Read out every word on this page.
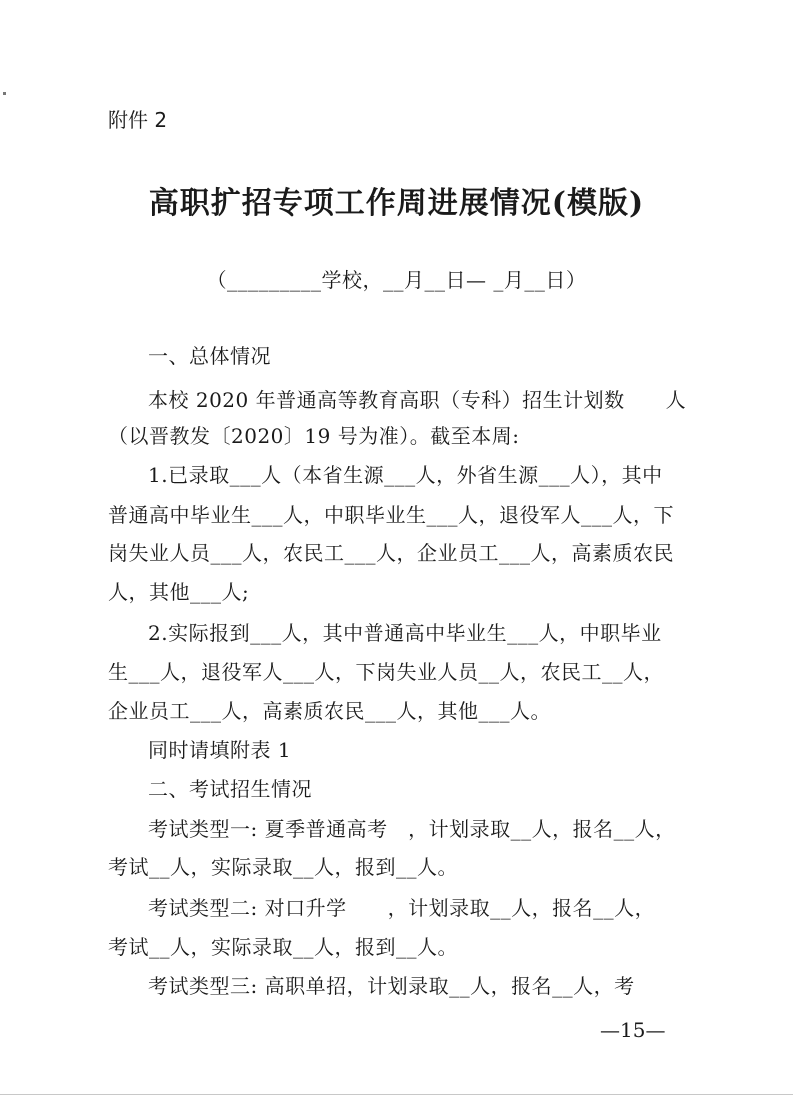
附件 2
高职扩招专项工作周进展情况(模版)
（_________学校，__月__日— _月__日）
一、总体情况
本校 2020 年普通高等教育高职（专科）招生计划数　　人
（以晋教发〔2020〕19 号为准）。截至本周:
1.已录取___人（本省生源___人，外省生源___人），其中
普通高中毕业生___人，中职毕业生___人，退役军人___人，下
岗失业人员___人，农民工___人，企业员工___人，高素质农民
人，其他___人;
2.实际报到___人，其中普通高中毕业生___人，中职毕业
生___人，退役军人___人，下岗失业人员__人，农民工__人，
企业员工___人，高素质农民___人，其他___人。
同时请填附表 1
二、考试招生情况
考试类型一: 夏季普通高考　，计划录取__人，报名__人，
考试__人，实际录取__人，报到__人。
考试类型二: 对口升学　　，计划录取__人，报名__人，
考试__人，实际录取__人，报到__人。
考试类型三: 高职单招，计划录取__人，报名__人，考
—15—
